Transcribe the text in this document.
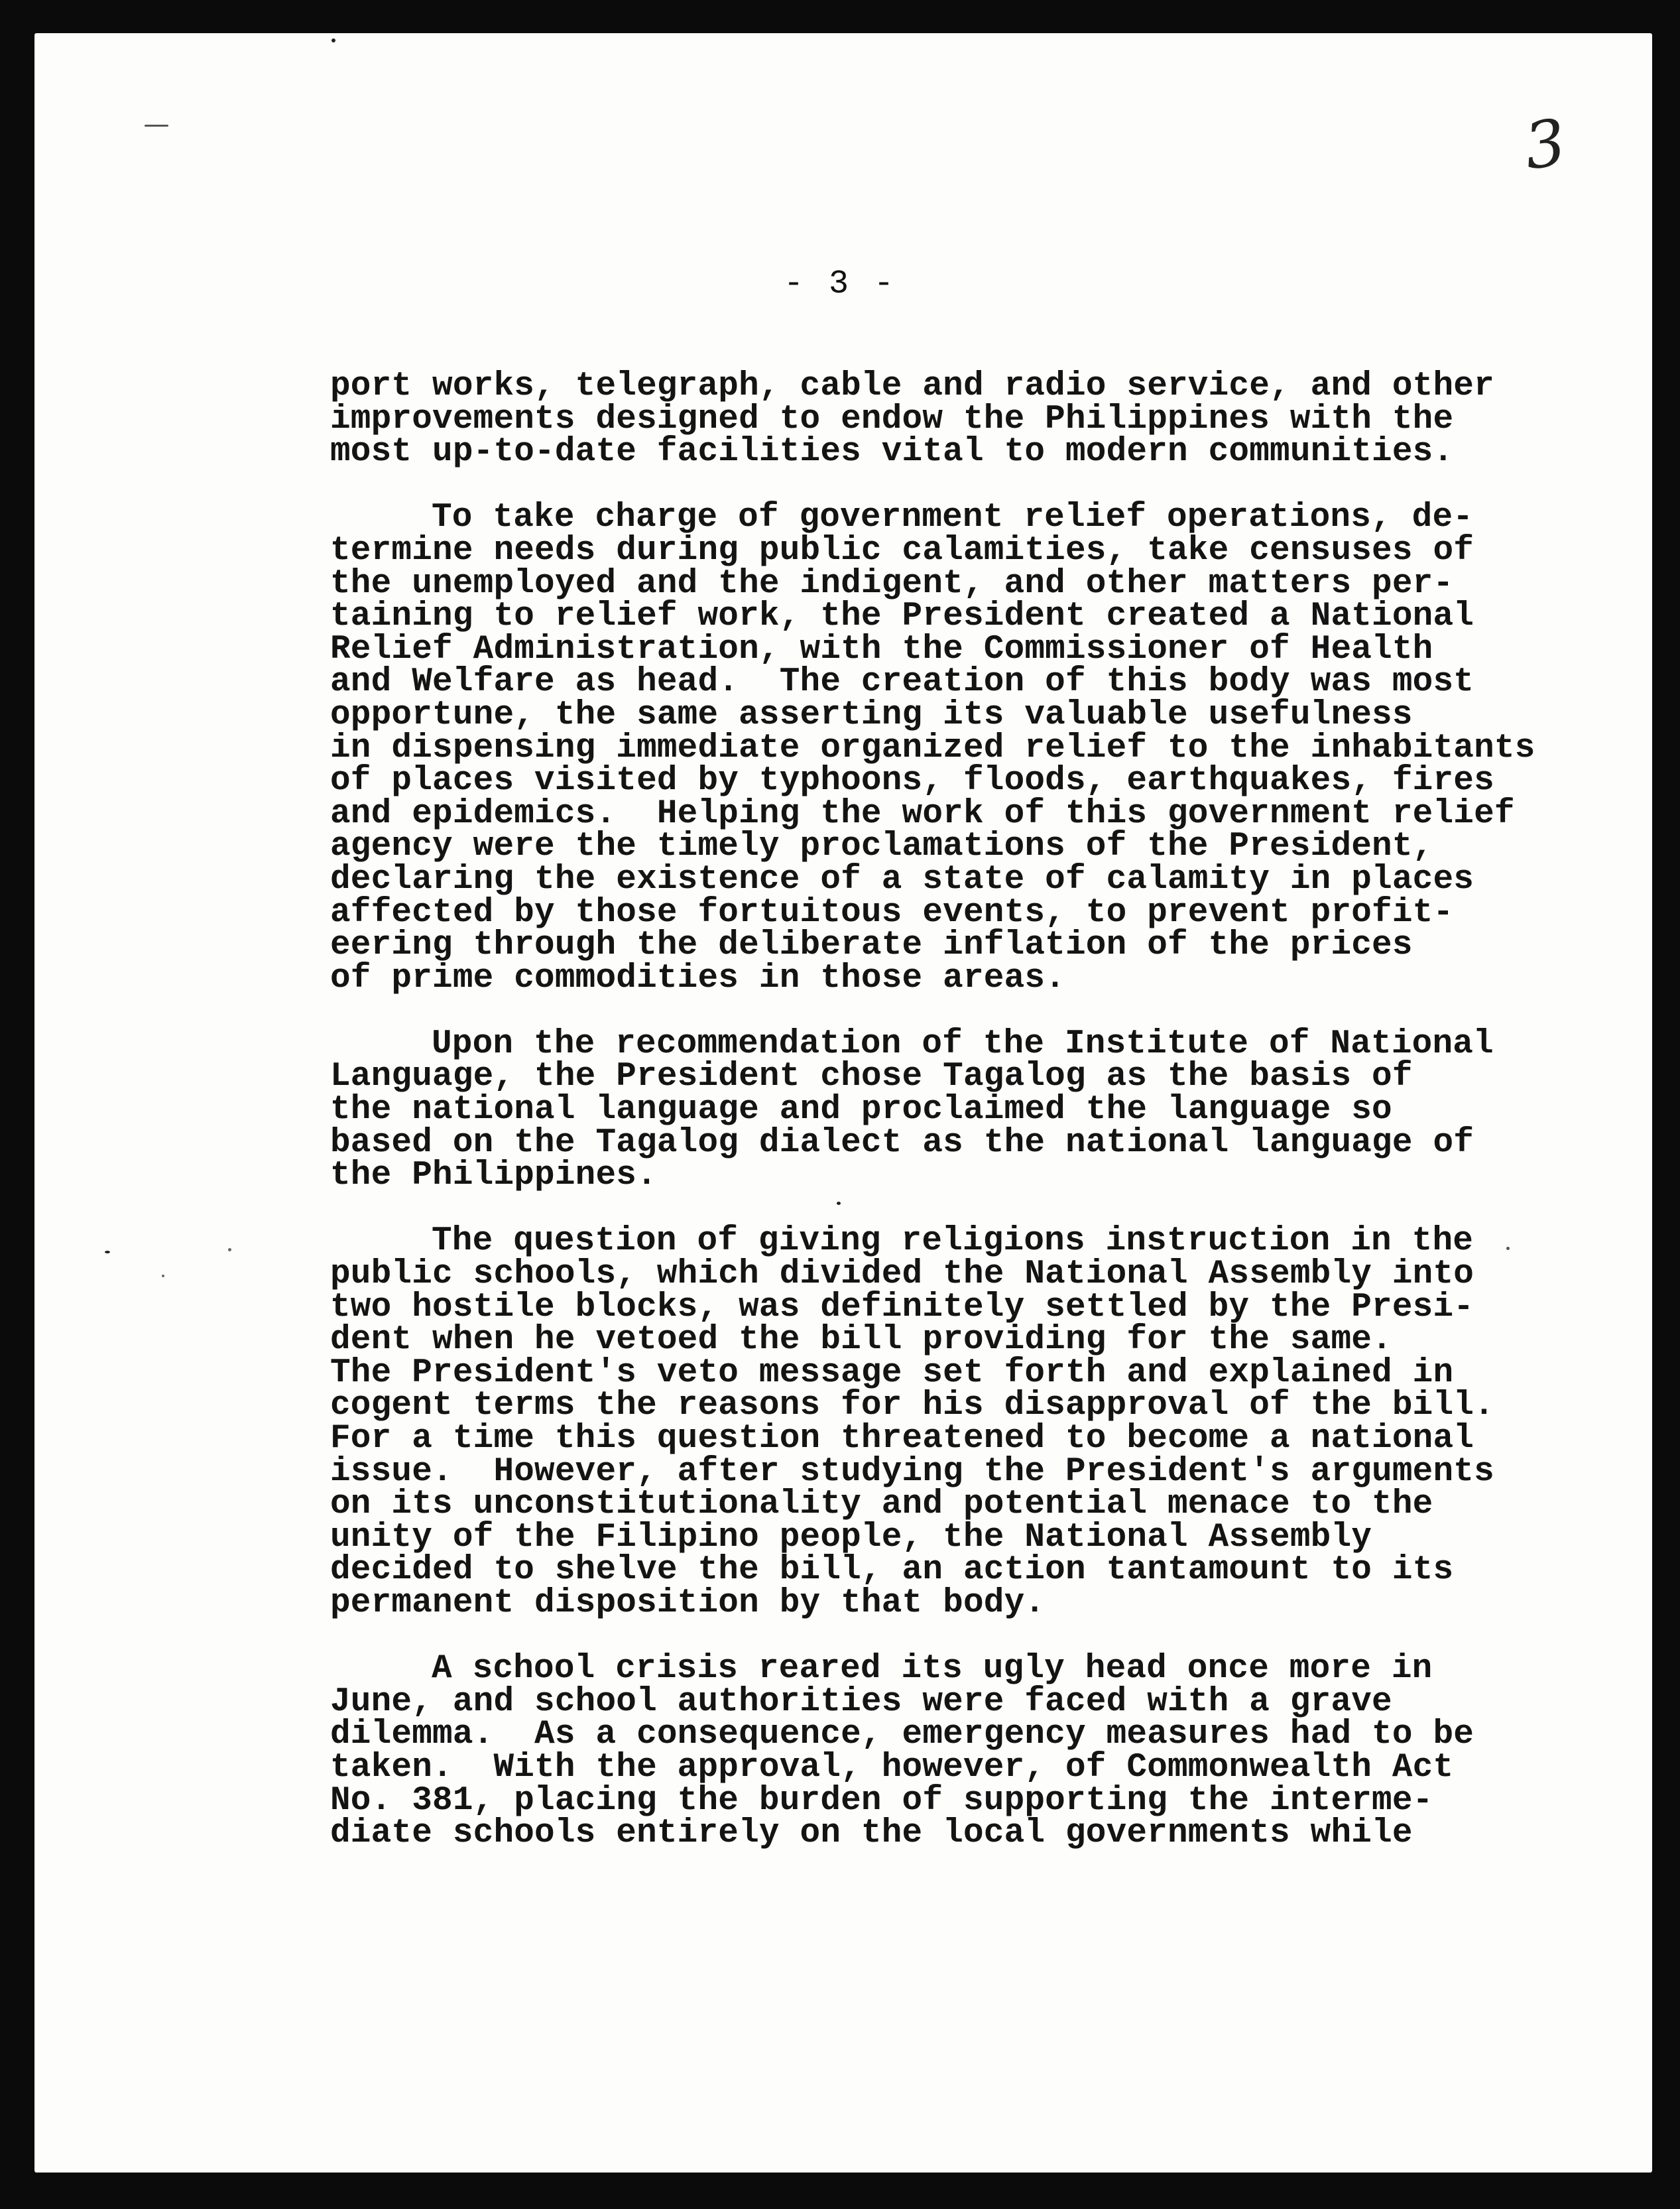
3
- 3 -
port works, telegraph, cable and radio service, and other
improvements designed to endow the Philippines with the
most up-to-date facilities vital to modern communities.
To take charge of government relief operations, de-
termine needs during public calamities, take censuses of
the unemployed and the indigent, and other matters per-
taining to relief work, the President created a National
Relief Administration, with the Commissioner of Health
and Welfare as head.  The creation of this body was most
opportune, the same asserting its valuable usefulness
in dispensing immediate organized relief to the inhabitants
of places visited by typhoons, floods, earthquakes, fires
and epidemics.  Helping the work of this government relief
agency were the timely proclamations of the President,
declaring the existence of a state of calamity in places
affected by those fortuitous events, to prevent profit-
eering through the deliberate inflation of the prices
of prime commodities in those areas.
Upon the recommendation of the Institute of National
Language, the President chose Tagalog as the basis of
the national language and proclaimed the language so
based on the Tagalog dialect as the national language of
the Philippines.
The question of giving religions instruction in the
public schools, which divided the National Assembly into
two hostile blocks, was definitely settled by the Presi-
dent when he vetoed the bill providing for the same.
The President's veto message set forth and explained in
cogent terms the reasons for his disapproval of the bill.
For a time this question threatened to become a national
issue.  However, after studying the President's arguments
on its unconstitutionality and potential menace to the
unity of the Filipino people, the National Assembly
decided to shelve the bill, an action tantamount to its
permanent disposition by that body.
A school crisis reared its ugly head once more in
June, and school authorities were faced with a grave
dilemma.  As a consequence, emergency measures had to be
taken.  With the approval, however, of Commonwealth Act
No. 381, placing the burden of supporting the interme-
diate schools entirely on the local governments while
